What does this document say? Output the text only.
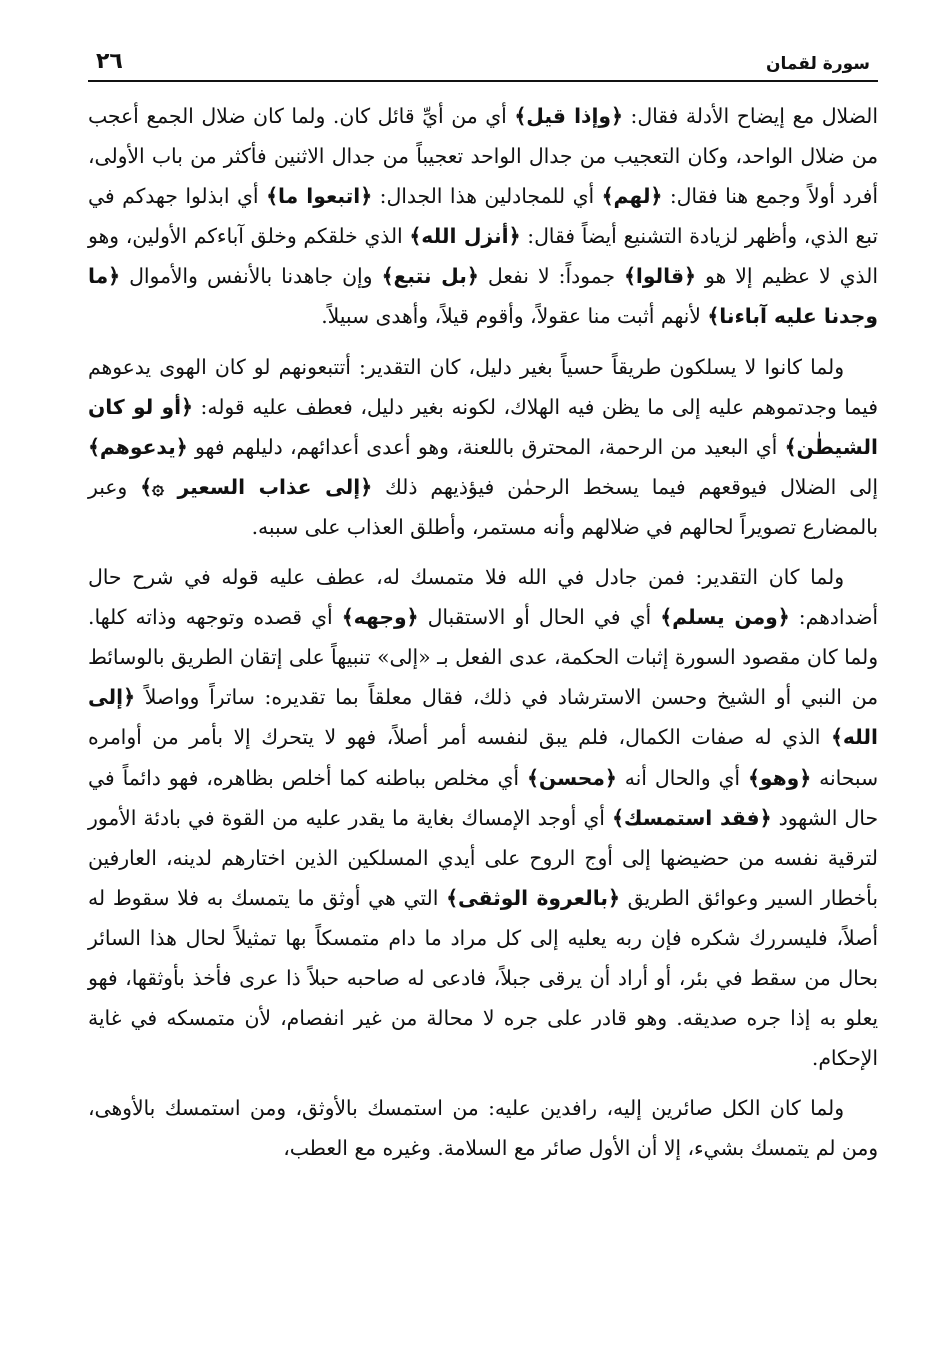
سورة لقمان
٢٦

الضلال مع إيضاح الأدلة فقال: ﴿وإذا قيل﴾ أي من أيِّ قائل كان. ولما كان ضلال الجمع أعجب من ضلال الواحد، وكان التعجيب من جدال الواحد تعجيباً من جدال الاثنين فأكثر من باب الأولى، أفرد أولاً وجمع هنا فقال: ﴿لهم﴾ أي للمجادلين هذا الجدال: ﴿اتبعوا ما﴾ أي ابذلوا جهدكم في تبع الذي، وأظهر لزيادة التشنيع أيضاً فقال: ﴿أنزل الله﴾ الذي خلقكم وخلق آباءكم الأولين، وهو الذي لا عظيم إلا هو ﴿قالوا﴾ جموداً: لا نفعل ﴿بل نتبع﴾ وإن جاهدنا بالأنفس والأموال ﴿ما وجدنا عليه آباءنا﴾ لأنهم أثبت منا عقولاً، وأقوم قيلاً، وأهدى سبيلاً.

ولما كانوا لا يسلكون طريقاً حسياً بغير دليل، كان التقدير: أتتبعونهم لو كان الهوى يدعوهم فيما وجدتموهم عليه إلى ما يظن فيه الهلاك، لكونه بغير دليل، فعطف عليه قوله: ﴿أو لو كان الشيطٰن﴾ أي البعيد من الرحمة، المحترق باللعنة، وهو أعدى أعدائهم، دليلهم فهو ﴿يدعوهم﴾ إلى الضلال فيوقعهم فيما يسخط الرحمٰن فيؤذيهم ذلك ﴿إلى عذاب السعير ۞﴾ وعبر بالمضارع تصويراً لحالهم في ضلالهم وأنه مستمر، وأطلق العذاب على سببه.

ولما كان التقدير: فمن جادل في الله فلا متمسك له، عطف عليه قوله في شرح حال أضدادهم: ﴿ومن يسلم﴾ أي في الحال أو الاستقبال ﴿وجهه﴾ أي قصده وتوجهه وذاته كلها. ولما كان مقصود السورة إثبات الحكمة، عدى الفعل بـ «إلى» تنبيهاً على إتقان الطريق بالوسائط من النبي أو الشيخ وحسن الاسترشاد في ذلك، فقال معلقاً بما تقديره: ساتراً وواصلاً ﴿إلى الله﴾ الذي له صفات الكمال، فلم يبق لنفسه أمر أصلاً، فهو لا يتحرك إلا بأمر من أوامره سبحانه ﴿وهو﴾ أي والحال أنه ﴿محسن﴾ أي مخلص بباطنه كما أخلص بظاهره، فهو دائماً في حال الشهود ﴿فقد استمسك﴾ أي أوجد الإمساك بغاية ما يقدر عليه من القوة في بادئة الأمور لترقية نفسه من حضيضها إلى أوج الروح على أيدي المسلكين الذين اختارهم لدينه، العارفين بأخطار السير وعوائق الطريق ﴿بالعروة الوثقى﴾ التي هي أوثق ما يتمسك به فلا سقوط له أصلاً، فليسررك شكره فإن ربه يعليه إلى كل مراد ما دام متمسكاً بها تمثيلاً لحال هذا السائر بحال من سقط في بئر، أو أراد أن يرقى جبلاً، فادعى له صاحبه حبلاً ذا عرى فأخذ بأوثقها، فهو يعلو به إذا جره صديقه. وهو قادر على جره لا محالة من غير انفصام، لأن متمسكه في غاية الإحكام.

ولما كان الكل صائرين إليه، رافدين عليه: من استمسك بالأوثق، ومن استمسك بالأوهى، ومن لم يتمسك بشيء، إلا أن الأول صائر مع السلامة. وغيره مع العطب،
